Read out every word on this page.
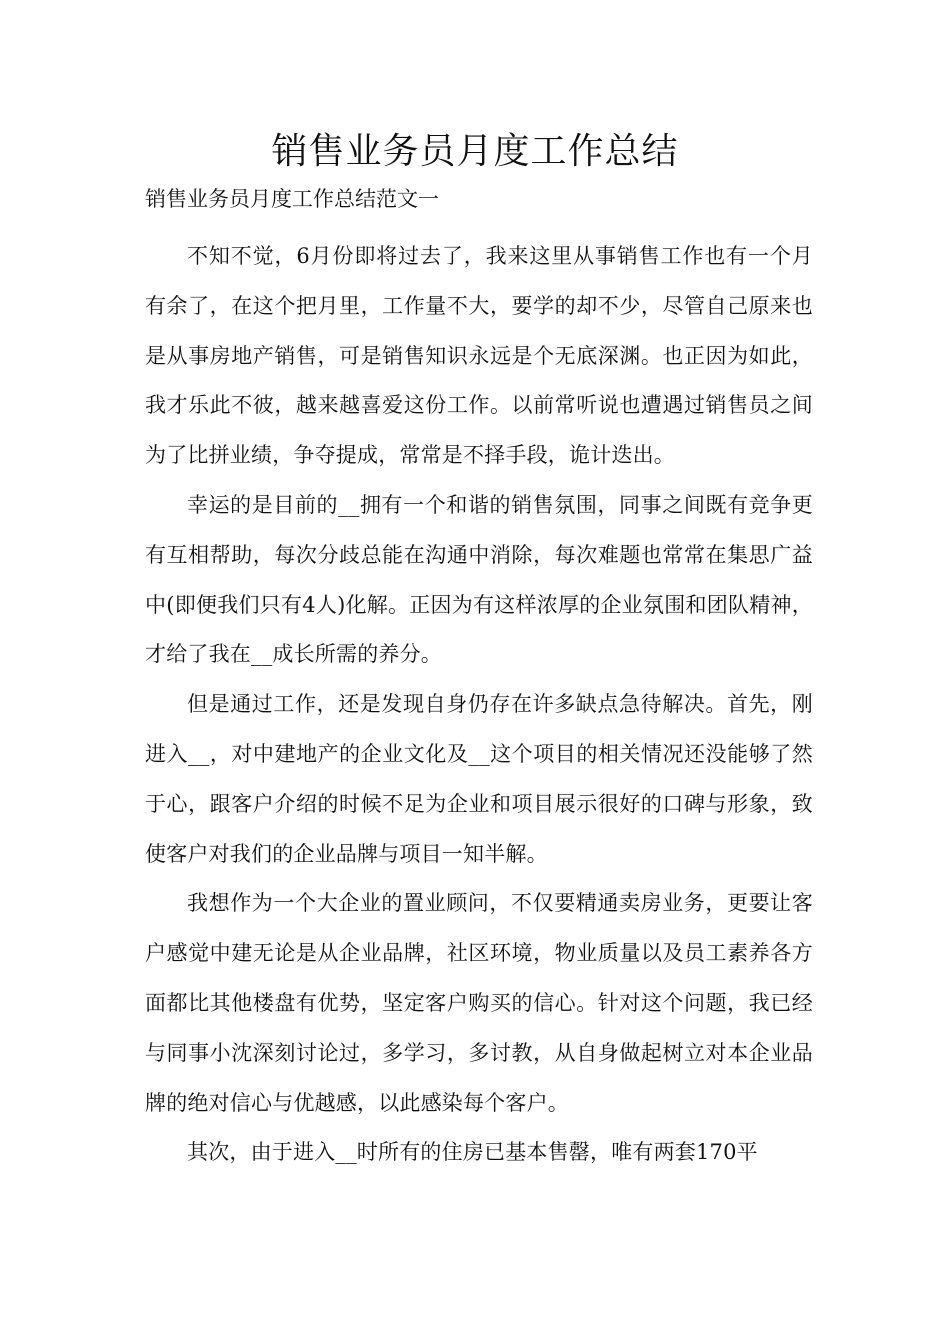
销售业务员月度工作总结

销售业务员月度工作总结范文一

不知不觉，6月份即将过去了，我来这里从事销售工作也有一个月有余了，在这个把月里，工作量不大，要学的却不少，尽管自己原来也是从事房地产销售，可是销售知识永远是个无底深渊。也正因为如此，我才乐此不彼，越来越喜爱这份工作。以前常听说也遭遇过销售员之间为了比拼业绩，争夺提成，常常是不择手段，诡计迭出。

幸运的是目前的__拥有一个和谐的销售氛围，同事之间既有竞争更有互相帮助，每次分歧总能在沟通中消除，每次难题也常常在集思广益中(即便我们只有4人)化解。正因为有这样浓厚的企业氛围和团队精神，才给了我在__成长所需的养分。

但是通过工作，还是发现自身仍存在许多缺点急待解决。首先，刚进入__，对中建地产的企业文化及__这个项目的相关情况还没能够了然于心，跟客户介绍的时候不足为企业和项目展示很好的口碑与形象，致使客户对我们的企业品牌与项目一知半解。

我想作为一个大企业的置业顾问，不仅要精通卖房业务，更要让客户感觉中建无论是从企业品牌，社区环境，物业质量以及员工素养各方面都比其他楼盘有优势，坚定客户购买的信心。针对这个问题，我已经与同事小沈深刻讨论过，多学习，多讨教，从自身做起树立对本企业品牌的绝对信心与优越感，以此感染每个客户。

其次，由于进入__时所有的住房已基本售罄，唯有两套170平
